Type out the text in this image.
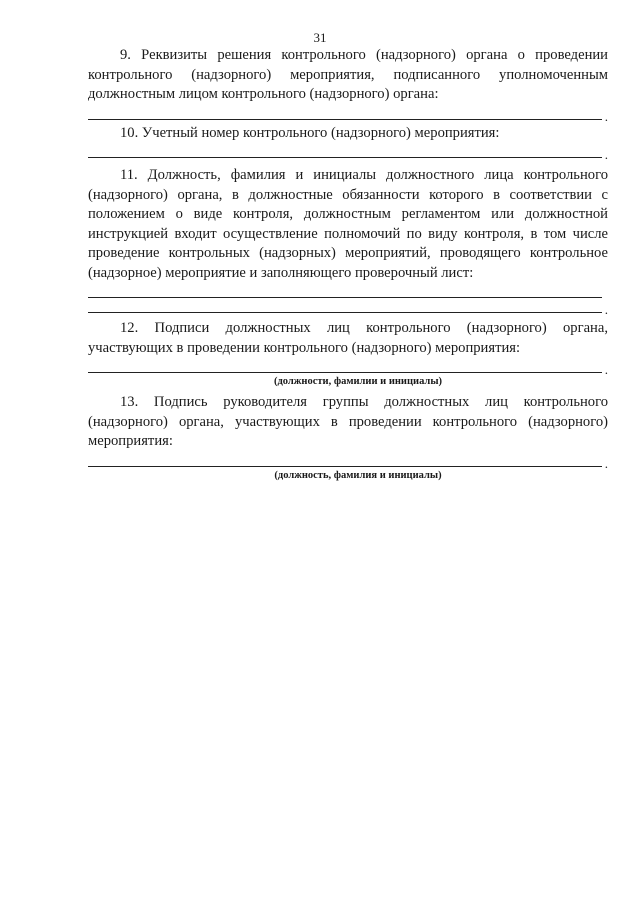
31

9. Реквизиты решения контрольного (надзорного) органа о проведении контрольного (надзорного) мероприятия, подписанного уполномоченным должностным лицом контрольного (надзорного) органа:

.

10. Учетный номер контрольного (надзорного) мероприятия:

.

11. Должность, фамилия и инициалы должностного лица контрольного (надзорного) органа, в должностные обязанности которого в соответствии с положением о виде контроля, должностным регламентом или должностной инструкцией входит осуществление полномочий по виду контроля, в том числе проведение контрольных (надзорных) мероприятий, проводящего контрольное (надзорное) мероприятие и заполняющего проверочный лист:

.

12. Подписи должностных лиц контрольного (надзорного) органа, участвующих в проведении контрольного (надзорного) мероприятия:

.
(должности, фамилии и инициалы)

13. Подпись руководителя группы должностных лиц контрольного (надзорного) органа, участвующих в проведении контрольного (надзорного) мероприятия:

.
(должность, фамилия и инициалы)
